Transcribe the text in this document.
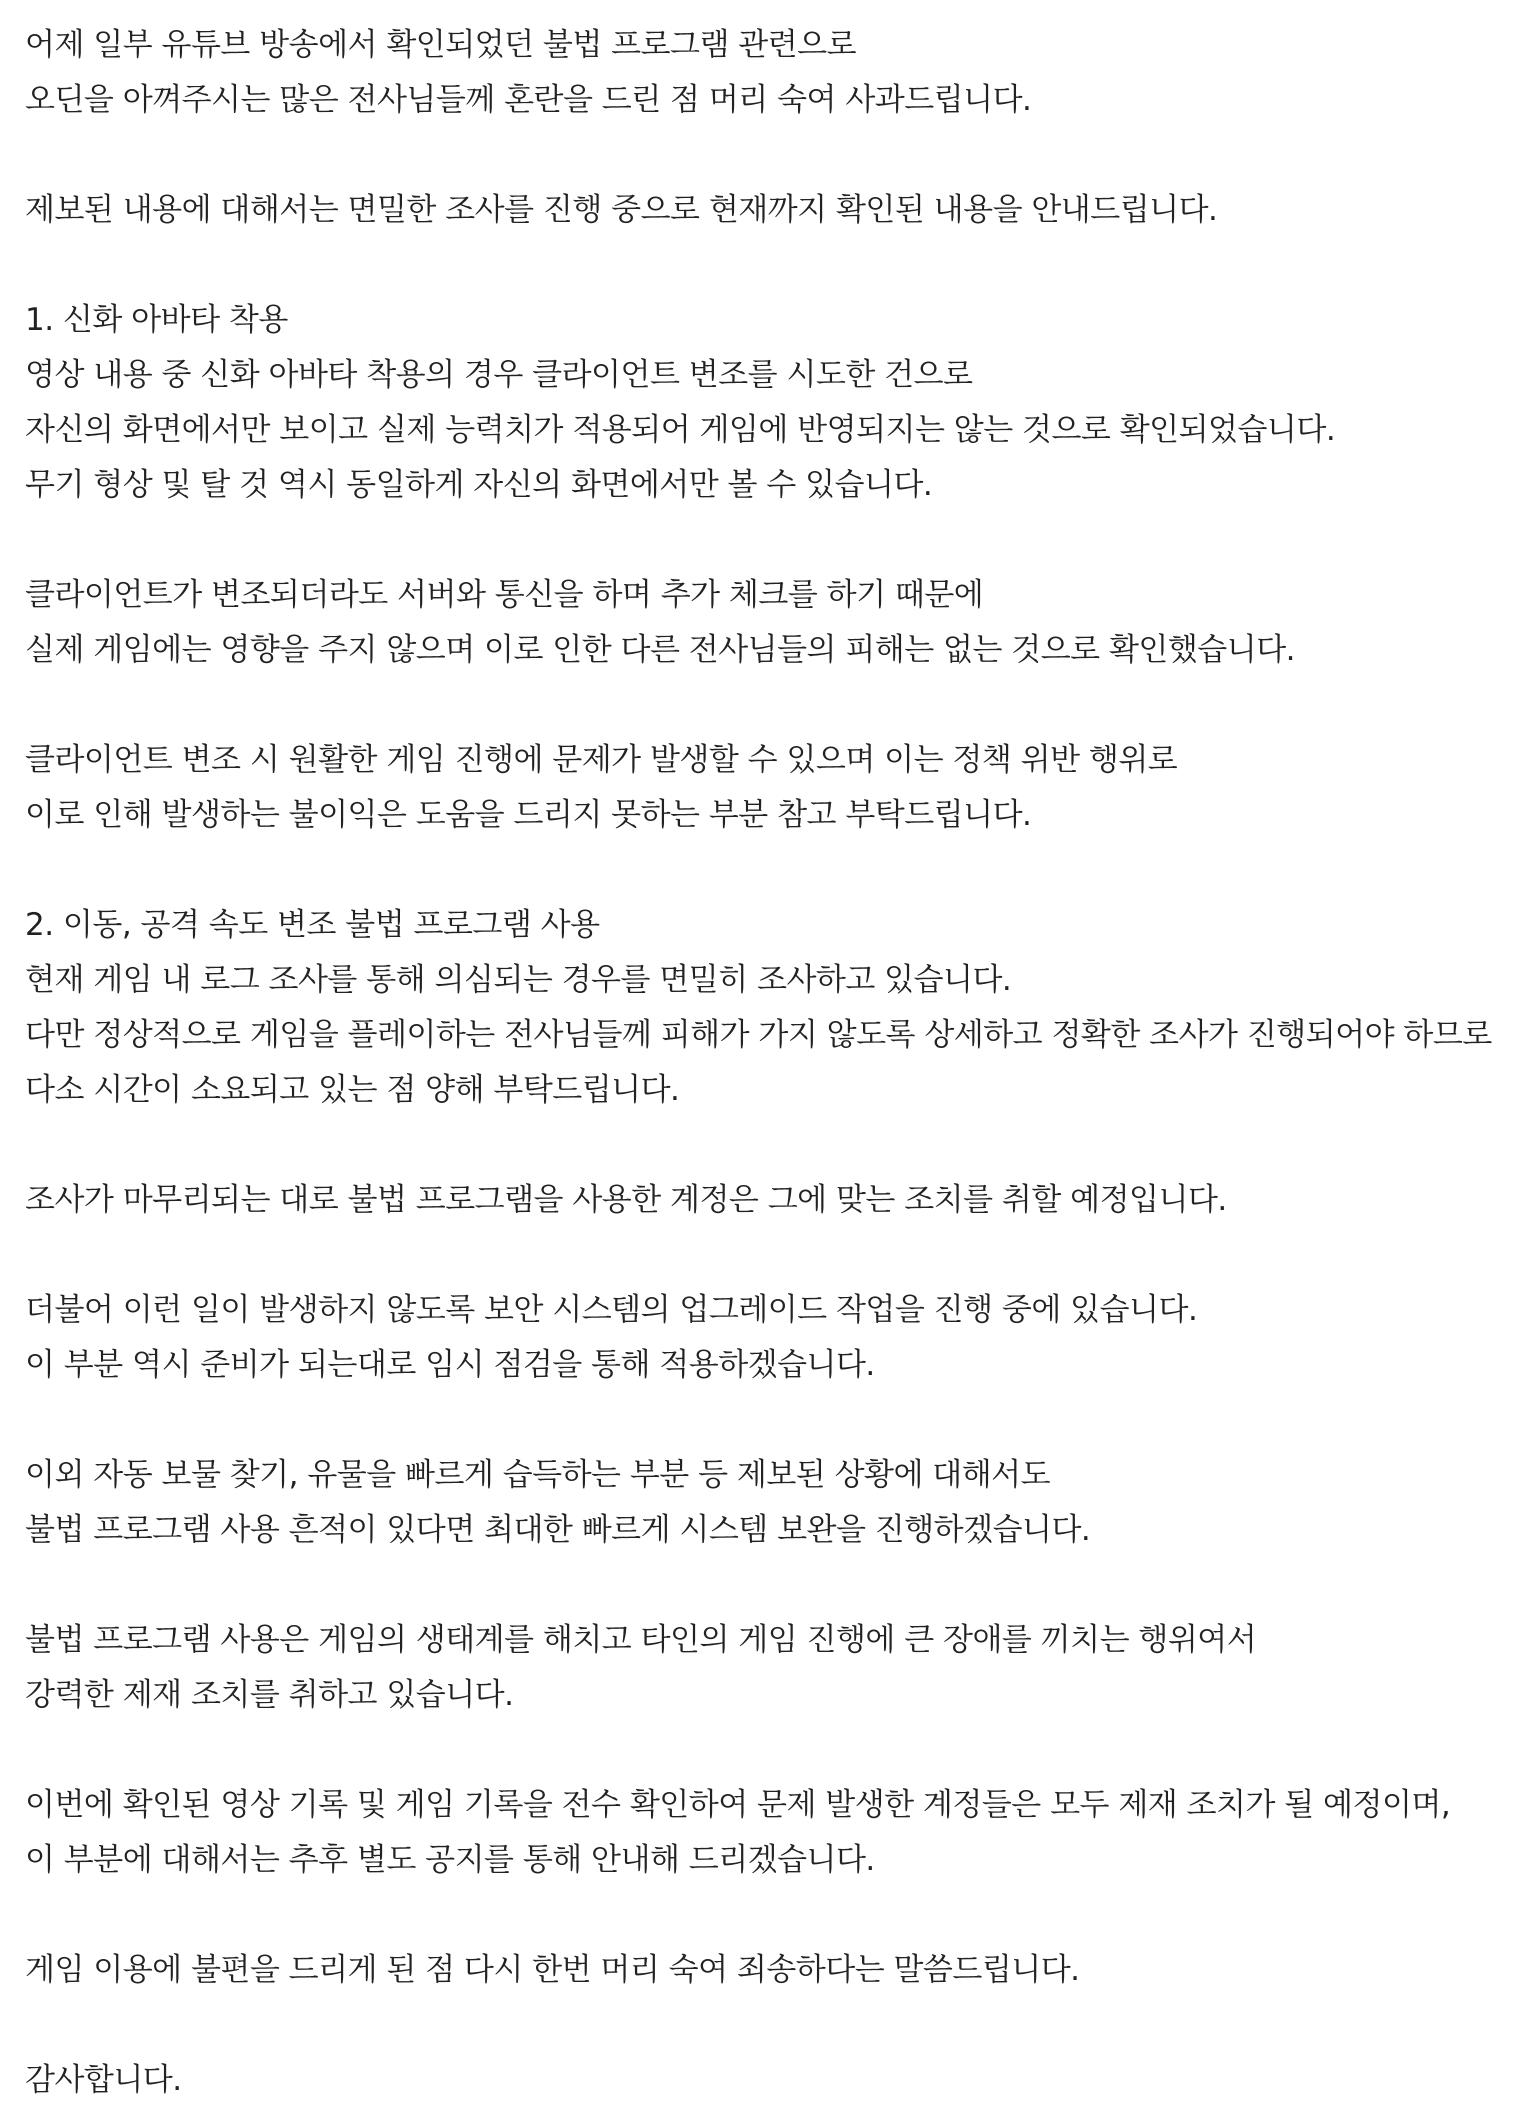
어제 일부 유튜브 방송에서 확인되었던 불법 프로그램 관련으로
오딘을 아껴주시는 많은 전사님들께 혼란을 드린 점 머리 숙여 사과드립니다.
제보된 내용에 대해서는 면밀한 조사를 진행 중으로 현재까지 확인된 내용을 안내드립니다.
1. 신화 아바타 착용
영상 내용 중 신화 아바타 착용의 경우 클라이언트 변조를 시도한 건으로
자신의 화면에서만 보이고 실제 능력치가 적용되어 게임에 반영되지는 않는 것으로 확인되었습니다.
무기 형상 및 탈 것 역시 동일하게 자신의 화면에서만 볼 수 있습니다.
클라이언트가 변조되더라도 서버와 통신을 하며 추가 체크를 하기 때문에
실제 게임에는 영향을 주지 않으며 이로 인한 다른 전사님들의 피해는 없는 것으로 확인했습니다.
클라이언트 변조 시 원활한 게임 진행에 문제가 발생할 수 있으며 이는 정책 위반 행위로
이로 인해 발생하는 불이익은 도움을 드리지 못하는 부분 참고 부탁드립니다.
2. 이동, 공격 속도 변조 불법 프로그램 사용
현재 게임 내 로그 조사를 통해 의심되는 경우를 면밀히 조사하고 있습니다.
다만 정상적으로 게임을 플레이하는 전사님들께 피해가 가지 않도록 상세하고 정확한 조사가 진행되어야 하므로
다소 시간이 소요되고 있는 점 양해 부탁드립니다.
조사가 마무리되는 대로 불법 프로그램을 사용한 계정은 그에 맞는 조치를 취할 예정입니다.
더불어 이런 일이 발생하지 않도록 보안 시스템의 업그레이드 작업을 진행 중에 있습니다.
이 부분 역시 준비가 되는대로 임시 점검을 통해 적용하겠습니다.
이외 자동 보물 찾기, 유물을 빠르게 습득하는 부분 등 제보된 상황에 대해서도
불법 프로그램 사용 흔적이 있다면 최대한 빠르게 시스템 보완을 진행하겠습니다.
불법 프로그램 사용은 게임의 생태계를 해치고 타인의 게임 진행에 큰 장애를 끼치는 행위여서
강력한 제재 조치를 취하고 있습니다.
이번에 확인된 영상 기록 및 게임 기록을 전수 확인하여 문제 발생한 계정들은 모두 제재 조치가 될 예정이며,
이 부분에 대해서는 추후 별도 공지를 통해 안내해 드리겠습니다.
게임 이용에 불편을 드리게 된 점 다시 한번 머리 숙여 죄송하다는 말씀드립니다.
감사합니다.
